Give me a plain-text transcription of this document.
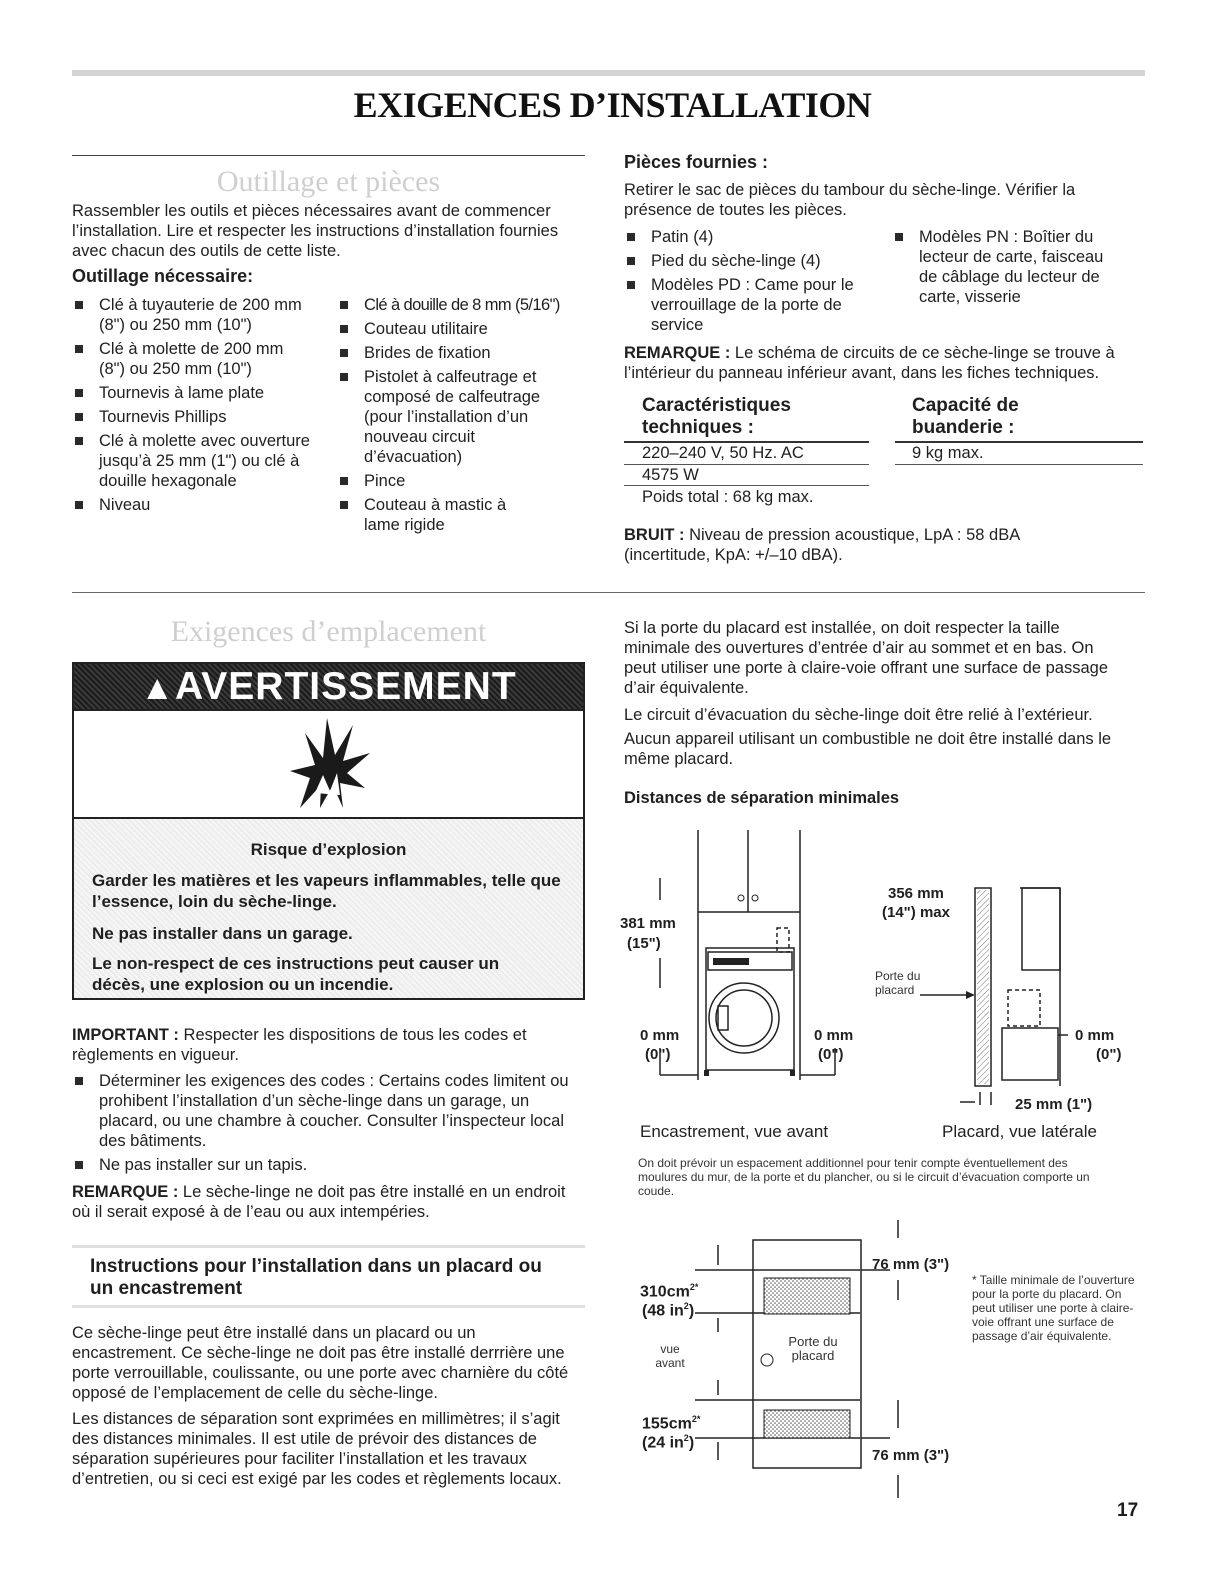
EXIGENCES D’INSTALLATION
Outillage et pièces

Rassembler les outils et pièces nécessaires avant de commencer l’installation. Lire et respecter les instructions d’installation fournies avec chacun des outils de cette liste.

Outillage nécessaire:
Clé à tuyauterie de 200 mm (8") ou 250 mm (10")
Clé à molette de 200 mm (8") ou 250 mm (10")
Tournevis à lame plate
Tournevis Phillips
Clé à molette avec ouverture jusqu’à 25 mm (1") ou clé à douille hexagonale
Niveau
Clé à douille de 8 mm (5/16")
Couteau utilitaire
Brides de fixation
Pistolet à calfeutrage et composé de calfeutrage (pour l’installation d’un nouveau circuit d’évacuation)
Pince
Couteau à mastic à lame rigide
Pièces fournies :

Retirer le sac de pièces du tambour du sèche-linge. Vérifier la présence de toutes les pièces.

Patin (4)
Pied du sèche-linge (4)
Modèles PD : Came pour le verrouillage de la porte de service
Modèles PN : Boîtier du lecteur de carte, faisceau de câblage du lecteur de carte, visserie

REMARQUE : Le schéma de circuits de ce sèche-linge se trouve à l’intérieur du panneau inférieur avant, dans les fiches techniques.

Caractéristiques techniques :
220–240 V, 50 Hz. AC
4575 W
Poids total : 68 kg max.
Capacité de buanderie :
9 kg max.

BRUIT : Niveau de pression acoustique, LpA : 58 dBA (incertitude, KpA: +/–10 dBA).

Exigences d’emplacement
▲AVERTISSEMENT
Risque d’explosion
Garder les matières et les vapeurs inflammables, telle que l’essence, loin du sèche-linge.
Ne pas installer dans un garage.
Le non-respect de ces instructions peut causer un décès, une explosion ou un incendie.

IMPORTANT : Respecter les dispositions de tous les codes et règlements en vigueur.

Déterminer les exigences des codes : Certains codes limitent ou prohibent l’installation d’un sèche-linge dans un garage, un placard, ou une chambre à coucher. Consulter l’inspecteur local des bâtiments.
Ne pas installer sur un tapis.

REMARQUE : Le sèche-linge ne doit pas être installé en un endroit où il serait exposé à de l’eau ou aux intempéries.

Instructions pour l’installation dans un placard ou un encastrement

Ce sèche-linge peut être installé dans un placard ou un encastrement. Ce sèche-linge ne doit pas être installé derrrière une porte verrouillable, coulissante, ou une porte avec charnière du côté opposé de l’emplacement de celle du sèche-linge.

Les distances de séparation sont exprimées en millimètres; il s’agit des distances minimales. Il est utile de prévoir des distances de séparation supérieures pour faciliter l’installation et les travaux d’entretien, ou si ceci est exigé par les codes et règlements locaux.

Si la porte du placard est installée, on doit respecter la taille minimale des ouvertures d’entrée d’air au sommet et en bas. On peut utiliser une porte à claire-voie offrant une surface de passage d’air équivalente.

Le circuit d’évacuation du sèche-linge doit être relié à l’extérieur.

Aucun appareil utilisant un combustible ne doit être installé dans le même placard.

Distances de séparation minimales
381 mm
(15")
0 mm
(0")
0 mm
(0")
Encastrement, vue avant
356 mm
(14") max
Porte du placard
0 mm
(0")
25 mm (1")
Placard, vue latérale
On doit prévoir un espacement additionnel pour tenir compte éventuellement des moulures du mur, de la porte et du plancher, ou si le circuit d’évacuation comporte un coude.
$310cm^{2*}$
(48 $in^2$)
vue avant
Porte du placard
$155cm^{2*}$
(24 $in^2$)
76 mm (3")
76 mm (3")
* Taille minimale de l’ouverture pour la porte du placard. On peut utiliser une porte à claire-voie offrant une surface de passage d’air équivalente.
17
